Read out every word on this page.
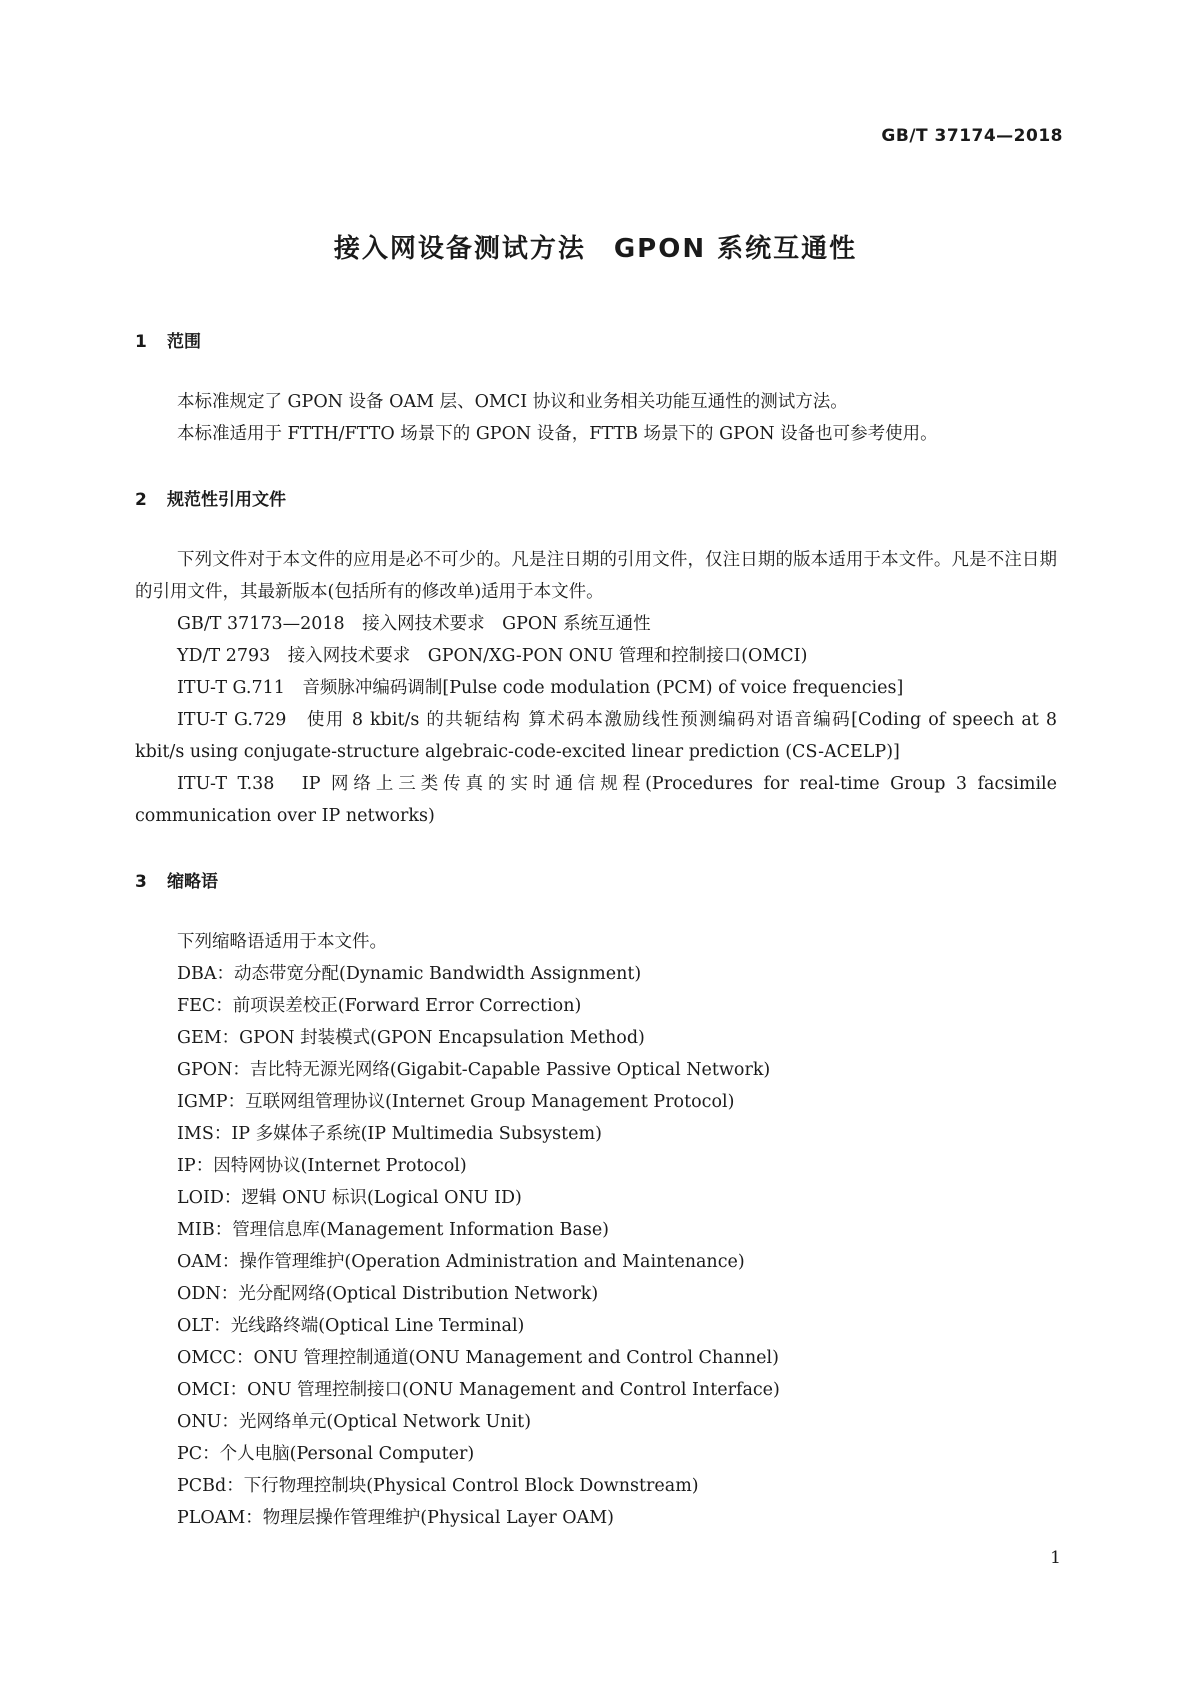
GB/T 37174—2018
接入网设备测试方法　GPON 系统互通性
1 范围

本标准规定了 GPON 设备 OAM 层、OMCI 协议和业务相关功能互通性的测试方法。

本标准适用于 FTTH/FTTO 场景下的 GPON 设备，FTTB 场景下的 GPON 设备也可参考使用。

2 规范性引用文件

下列文件对于本文件的应用是必不可少的。凡是注日期的引用文件，仅注日期的版本适用于本文件。凡是不注日期的引用文件，其最新版本(包括所有的修改单)适用于本文件。

GB/T 37173—2018　接入网技术要求　GPON 系统互通性

YD/T 2793　接入网技术要求　GPON/XG-PON ONU 管理和控制接口(OMCI)

ITU-T G.711　音频脉冲编码调制[Pulse code modulation (PCM) of voice frequencies]

ITU-T G.729　使用 8 kbit/s 的共轭结构 算术码本激励线性预测编码对语音编码[Coding of speech at 8 kbit/s using conjugate-structure algebraic-code-excited linear prediction (CS-ACELP)]

ITU-T T.38　IP 网络上三类传真的实时通信规程(Procedures for real-time Group 3 facsimile communication over IP networks)

3 缩略语

下列缩略语适用于本文件。

DBA：动态带宽分配(Dynamic Bandwidth Assignment)

FEC：前项误差校正(Forward Error Correction)

GEM：GPON 封装模式(GPON Encapsulation Method)

GPON：吉比特无源光网络(Gigabit-Capable Passive Optical Network)

IGMP：互联网组管理协议(Internet Group Management Protocol)

IMS：IP 多媒体子系统(IP Multimedia Subsystem)

IP：因特网协议(Internet Protocol)

LOID：逻辑 ONU 标识(Logical ONU ID)

MIB：管理信息库(Management Information Base)

OAM：操作管理维护(Operation Administration and Maintenance)

ODN：光分配网络(Optical Distribution Network)

OLT：光线路终端(Optical Line Terminal)

OMCC：ONU 管理控制通道(ONU Management and Control Channel)

OMCI：ONU 管理控制接口(ONU Management and Control Interface)

ONU：光网络单元(Optical Network Unit)

PC：个人电脑(Personal Computer)

PCBd：下行物理控制块(Physical Control Block Downstream)

PLOAM：物理层操作管理维护(Physical Layer OAM)

1
